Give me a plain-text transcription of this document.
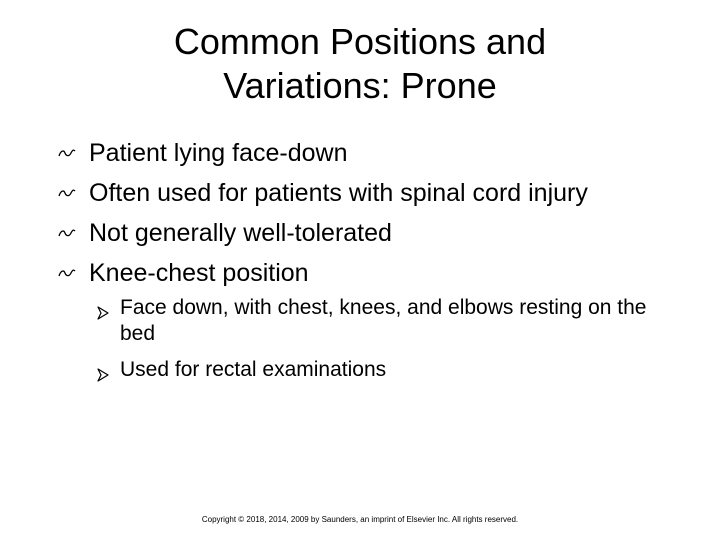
Common Positions and
Variations: Prone
Patient lying face-down
Often used for patients with spinal cord injury
Not generally well-tolerated
Knee-chest position
Face down, with chest, knees, and elbows resting on the bed
Used for rectal examinations
Copyright © 2018, 2014, 2009 by Saunders, an imprint of Elsevier Inc. All rights reserved.
